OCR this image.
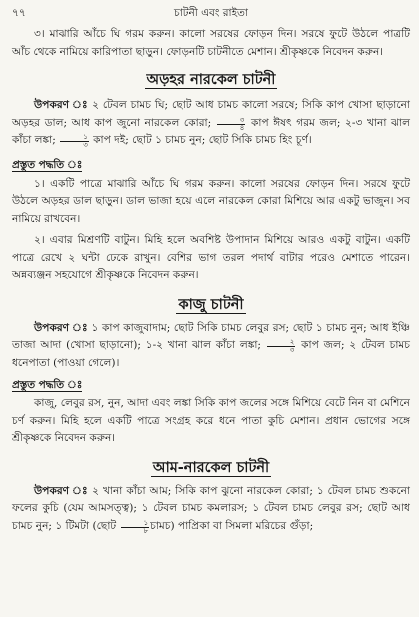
৭৭	চাটনী এবং রাইতা

৩। মাঝারি আঁচে ঘি গরম করুন। কালো সরষের ফোড়ন দিন। সরষে ফুটে উঠলে পাত্রটি আঁচ থেকে নামিয়ে কারিপাতা ছাড়ুন। ফোড়নটি চাটনীতে মেশান। শ্রীকৃষ্ণকে নিবেদন করুন।

অড়হর নারকেল চাটনী

উপকরণ ঃ ২ টেবল চামচ ঘি; ছোট আধ চামচ কালো সরষে; সিকি কাপ খোসা ছাড়ানো অড়হর ডাল; আধ কাপ জুনো নারকেল কোরা; $\frac{৩}{৪}$ কাপ ঈষৎ গরম জল; ২-৩ খানা ঝাল কাঁচা লঙ্কা; $\frac{১}{৩}$ কাপ দই; ছোট ১ চামচ নুন; ছোট সিকি চামচ হিং চূর্ণ।

প্রস্তুত পদ্ধতি ঃ

১। একটি পাত্রে মাঝারি আঁচে ঘি গরম করুন। কালো সরষের ফোড়ন দিন। সরষে ফুটে উঠলে অড়হর ডাল ছাড়ুন। ডাল ভাজা হয়ে এলে নারকেল কোরা মিশিয়ে আর একটু ভাজুন। সব নামিয়ে রাখবেন।

২। এবার মিশ্রণটি বাটুন। মিহি হলে অবশিষ্ট উপাদান মিশিয়ে আরও একটু বাটুন। একটি পাত্রে রেখে ২ ঘন্টা ঢেকে রাখুন। বেশির ভাগ তরল পদার্থ বাটার পরেও মেশাতে পারেন। অন্নব্যঞ্জন সহযোগে শ্রীকৃষ্ণকে নিবেদন করুন।

কাজু চাটনী

উপকরণ ঃ ১ কাপ কাজুবাদাম; ছোট সিকি চামচ লেবুর রস; ছোট ১ চামচ নুন; আধ ইঞ্চি তাজা আদা (খোসা ছাড়ানো); ১-২ খানা ঝাল কাঁচা লঙ্কা; $\frac{২}{৩}$ কাপ জল; ২ টেবল চামচ ধনেপাতা (পাওয়া গেলে)।

প্রস্তুত পদ্ধতি ঃ

কাজু, লেবুর রস, নুন, আদা এবং লঙ্কা সিকি কাপ জলের সঙ্গে মিশিয়ে বেটে নিন বা মেশিনে চর্ণ করুন। মিহি হলে একটি পাত্রে সংগ্রহ করে ধনে পাতা কুচি মেশান। প্রধান ভোগের সঙ্গে শ্রীকৃষ্ণকে নিবেদন করুন।

আম-নারকেল চাটনী

উপকরণ ঃ ২ খানা কাঁচা আম; সিকি কাপ ঝুনো নারকেল কোরা; ১ টেবল চামচ শুকনো ফলের কুচি (যেম আমসত্ত্ব); ১ টেবল চামচ কমলারস; ১ টেবল চামচ লেবুর রস; ছোট আধ চামচ নুন; ১ টিমটা (ছোট $\frac{১}{৮}$ চামচ) পাপ্রিকা বা সিমলা মরিচের গুঁড়া;
